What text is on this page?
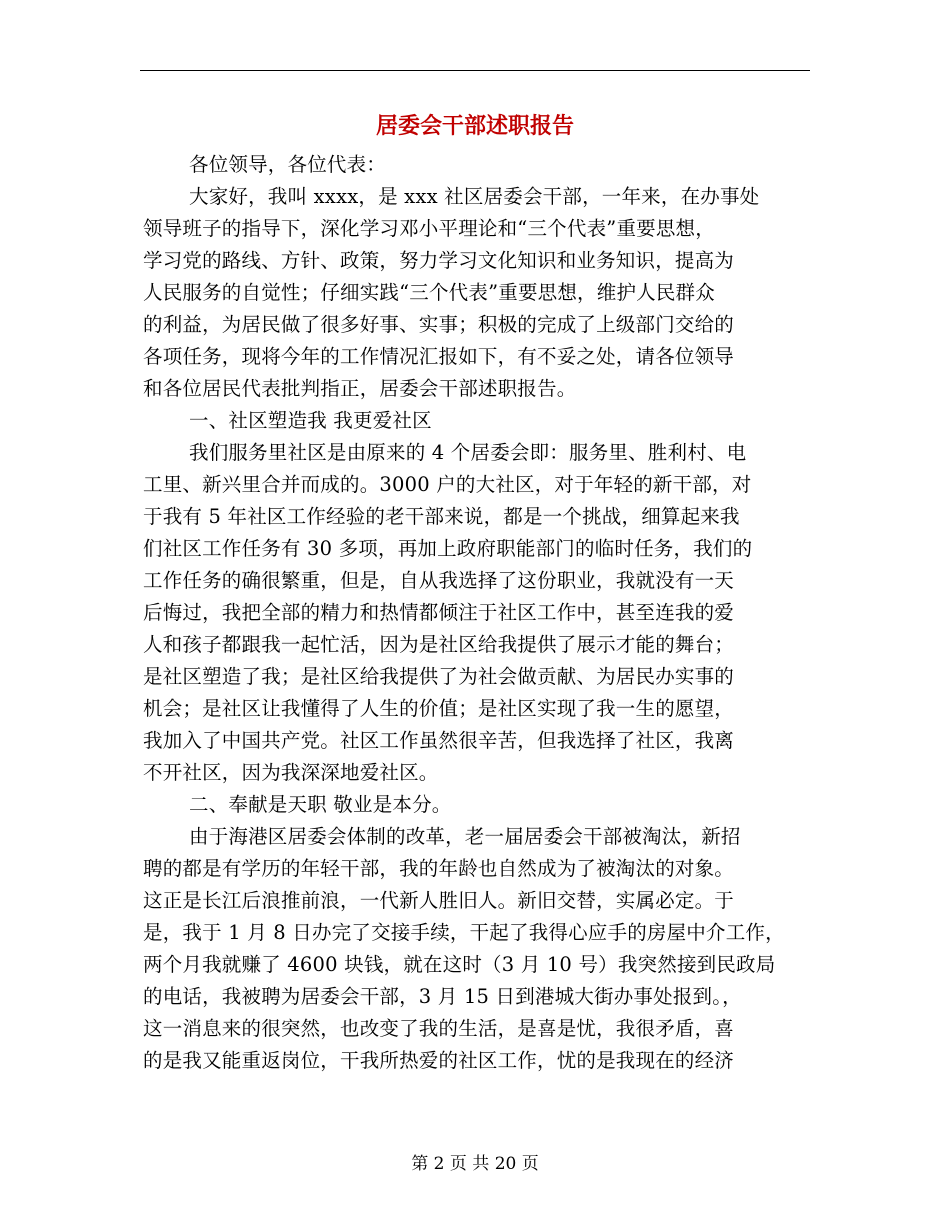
居委会干部述职报告
各位领导，各位代表：
大家好，我叫 xxxx，是 xxx 社区居委会干部，一年来，在办事处
领导班子的指导下，深化学习邓小平理论和“三个代表”重要思想，
学习党的路线、方针、政策，努力学习文化知识和业务知识，提高为
人民服务的自觉性；仔细实践“三个代表”重要思想，维护人民群众
的利益，为居民做了很多好事、实事；积极的完成了上级部门交给的
各项任务，现将今年的工作情况汇报如下，有不妥之处，请各位领导
和各位居民代表批判指正，居委会干部述职报告。
一、社区塑造我 我更爱社区
我们服务里社区是由原来的 4 个居委会即：服务里、胜利村、电
工里、新兴里合并而成的。3000 户的大社区，对于年轻的新干部，对
于我有 5 年社区工作经验的老干部来说，都是一个挑战，细算起来我
们社区工作任务有 30 多项，再加上政府职能部门的临时任务，我们的
工作任务的确很繁重，但是，自从我选择了这份职业，我就没有一天
后悔过，我把全部的精力和热情都倾注于社区工作中，甚至连我的爱
人和孩子都跟我一起忙活，因为是社区给我提供了展示才能的舞台；
是社区塑造了我；是社区给我提供了为社会做贡献、为居民办实事的
机会；是社区让我懂得了人生的价值；是社区实现了我一生的愿望，
我加入了中国共产党。社区工作虽然很辛苦，但我选择了社区，我离
不开社区，因为我深深地爱社区。
二、奉献是天职 敬业是本分。
由于海港区居委会体制的改革，老一届居委会干部被淘汰，新招
聘的都是有学历的年轻干部，我的年龄也自然成为了被淘汰的对象。
这正是长江后浪推前浪，一代新人胜旧人。新旧交替，实属必定。于
是，我于 1 月 8 日办完了交接手续，干起了我得心应手的房屋中介工作，
两个月我就赚了 4600 块钱，就在这时（3 月 10 号）我突然接到民政局
的电话，我被聘为居委会干部，3 月 15 日到港城大街办事处报到。，
这一消息来的很突然，也改变了我的生活，是喜是忧，我很矛盾，喜
的是我又能重返岗位，干我所热爱的社区工作，忧的是我现在的经济
第 2 页 共 20 页
